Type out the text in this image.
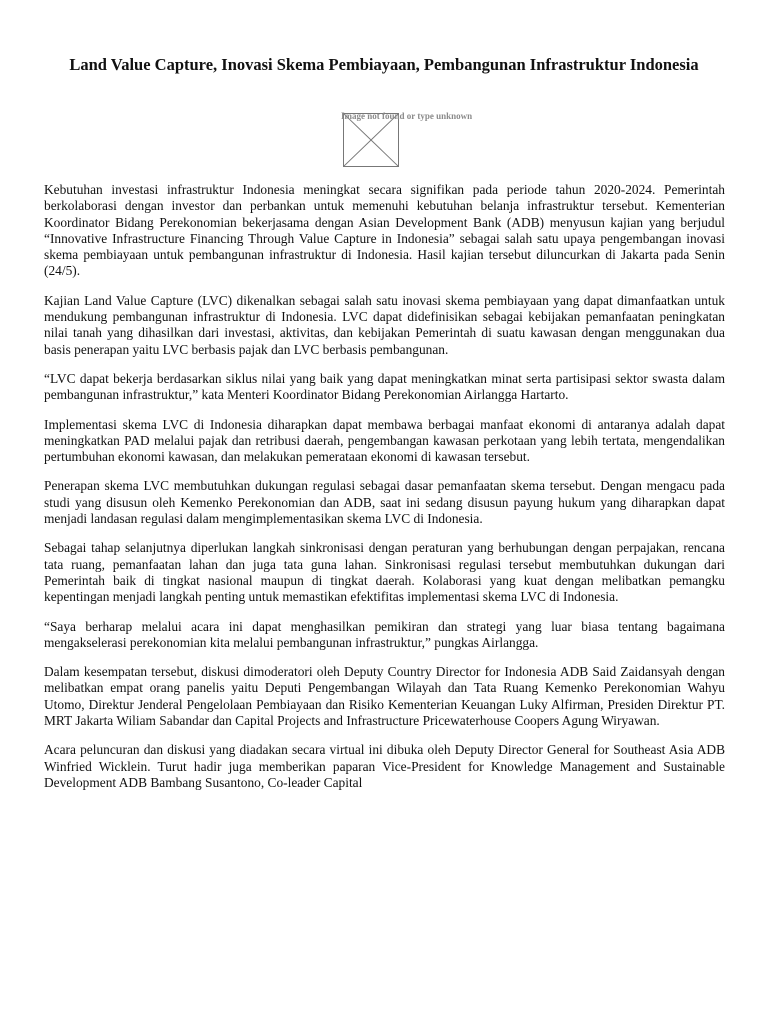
Land Value Capture, Inovasi Skema Pembiayaan, Pembangunan Infrastruktur Indonesia
Image not found or type unknown

Kebutuhan investasi infrastruktur Indonesia meningkat secara signifikan pada periode tahun 2020-2024. Pemerintah berkolaborasi dengan investor dan perbankan untuk memenuhi kebutuhan belanja infrastruktur tersebut. Kementerian Koordinator Bidang Perekonomian bekerjasama dengan Asian Development Bank (ADB) menyusun kajian yang berjudul “Innovative Infrastructure Financing Through Value Capture in Indonesia” sebagai salah satu upaya pengembangan inovasi skema pembiayaan untuk pembangunan infrastruktur di Indonesia. Hasil kajian tersebut diluncurkan di Jakarta pada Senin (24/5).

Kajian Land Value Capture (LVC) dikenalkan sebagai salah satu inovasi skema pembiayaan yang dapat dimanfaatkan untuk mendukung pembangunan infrastruktur di Indonesia. LVC dapat didefinisikan sebagai kebijakan pemanfaatan peningkatan nilai tanah yang dihasilkan dari investasi, aktivitas, dan kebijakan Pemerintah di suatu kawasan dengan menggunakan dua basis penerapan yaitu LVC berbasis pajak dan LVC berbasis pembangunan.

“LVC dapat bekerja berdasarkan siklus nilai yang baik yang dapat meningkatkan minat serta partisipasi sektor swasta dalam pembangunan infrastruktur,” kata Menteri Koordinator Bidang Perekonomian Airlangga Hartarto.

Implementasi skema LVC di Indonesia diharapkan dapat membawa berbagai manfaat ekonomi di antaranya adalah dapat meningkatkan PAD melalui pajak dan retribusi daerah, pengembangan kawasan perkotaan yang lebih tertata, mengendalikan pertumbuhan ekonomi kawasan, dan melakukan pemerataan ekonomi di kawasan tersebut.

Penerapan skema LVC membutuhkan dukungan regulasi sebagai dasar pemanfaatan skema tersebut. Dengan mengacu pada studi yang disusun oleh Kemenko Perekonomian dan ADB, saat ini sedang disusun payung hukum yang diharapkan dapat menjadi landasan regulasi dalam mengimplementasikan skema LVC di Indonesia.

Sebagai tahap selanjutnya diperlukan langkah sinkronisasi dengan peraturan yang berhubungan dengan perpajakan, rencana tata ruang, pemanfaatan lahan dan juga tata guna lahan. Sinkronisasi regulasi tersebut membutuhkan dukungan dari Pemerintah baik di tingkat nasional maupun di tingkat daerah. Kolaborasi yang kuat dengan melibatkan pemangku kepentingan menjadi langkah penting untuk memastikan efektifitas implementasi skema LVC di Indonesia.

“Saya berharap melalui acara ini dapat menghasilkan pemikiran dan strategi yang luar biasa tentang bagaimana mengakselerasi perekonomian kita melalui pembangunan infrastruktur,” pungkas Airlangga.

Dalam kesempatan tersebut, diskusi dimoderatori oleh Deputy Country Director for Indonesia ADB Said Zaidansyah dengan melibatkan empat orang panelis yaitu Deputi Pengembangan Wilayah dan Tata Ruang Kemenko Perekonomian Wahyu Utomo, Direktur Jenderal Pengelolaan Pembiayaan dan Risiko Kementerian Keuangan Luky Alfirman, Presiden Direktur PT. MRT Jakarta Wiliam Sabandar dan Capital Projects and Infrastructure Pricewaterhouse Coopers Agung Wiryawan.

Acara peluncuran dan diskusi yang diadakan secara virtual ini dibuka oleh Deputy Director General for Southeast Asia ADB Winfried Wicklein. Turut hadir juga memberikan paparan Vice-President for Knowledge Management and Sustainable Development ADB Bambang Susantono, Co-leader Capital
